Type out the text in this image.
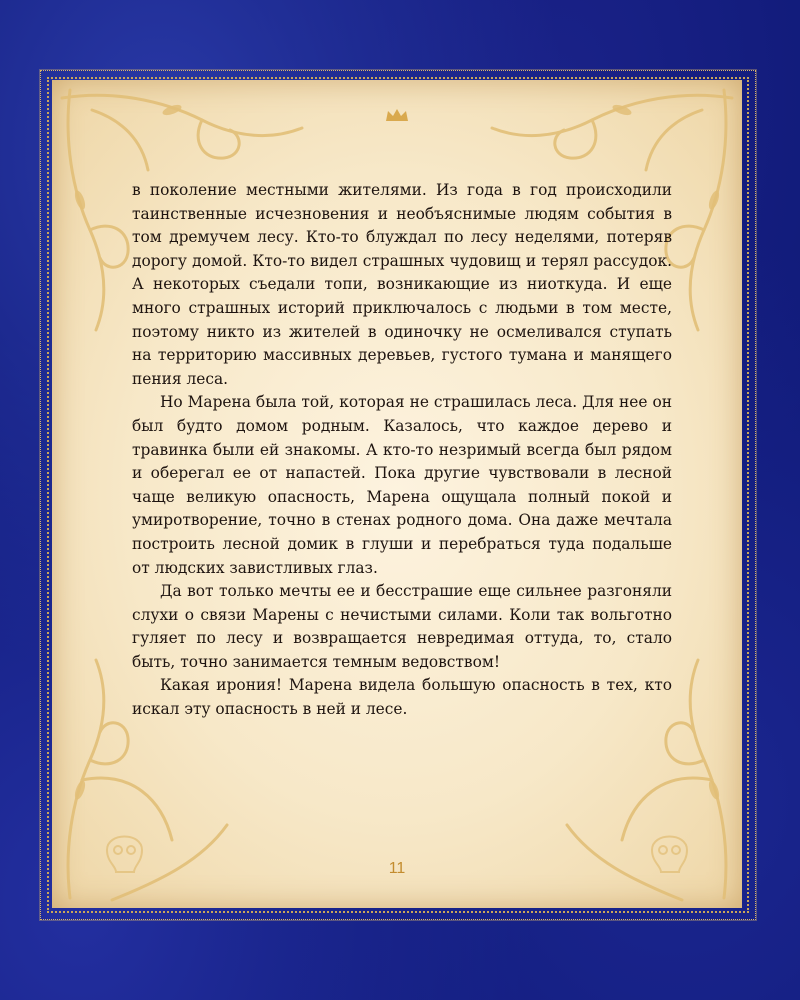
в поколение местными жителями. Из года в год происходили таинственные исчезновения и необъяснимые людям события в том дремучем лесу. Кто-то блуждал по лесу неделями, потеряв дорогу домой. Кто-то видел страшных чудовищ и терял рассудок. А некоторых съедали топи, возникающие из ниоткуда. И еще много страшных историй приключалось с людьми в том месте, поэтому никто из жителей в одиночку не осмеливался ступать на территорию массивных деревьев, густого тумана и манящего пения леса.

Но Марена была той, которая не страшилась леса. Для нее он был будто домом родным. Казалось, что каждое дерево и травинка были ей знакомы. А кто-то незримый всегда был рядом и оберегал ее от напастей. Пока другие чувствовали в лесной чаще великую опасность, Марена ощущала полный покой и умиротворение, точно в стенах родного дома. Она даже мечтала построить лесной домик в глуши и перебраться туда подальше от людских завистливых глаз.

Да вот только мечты ее и бесстрашие еще сильнее разгоняли слухи о связи Марены с нечистыми силами. Коли так вольготно гуляет по лесу и возвращается невредимая оттуда, то, стало быть, точно занимается темным ведовством!

Какая ирония! Марена видела большую опасность в тех, кто искал эту опасность в ней и лесе.

11
